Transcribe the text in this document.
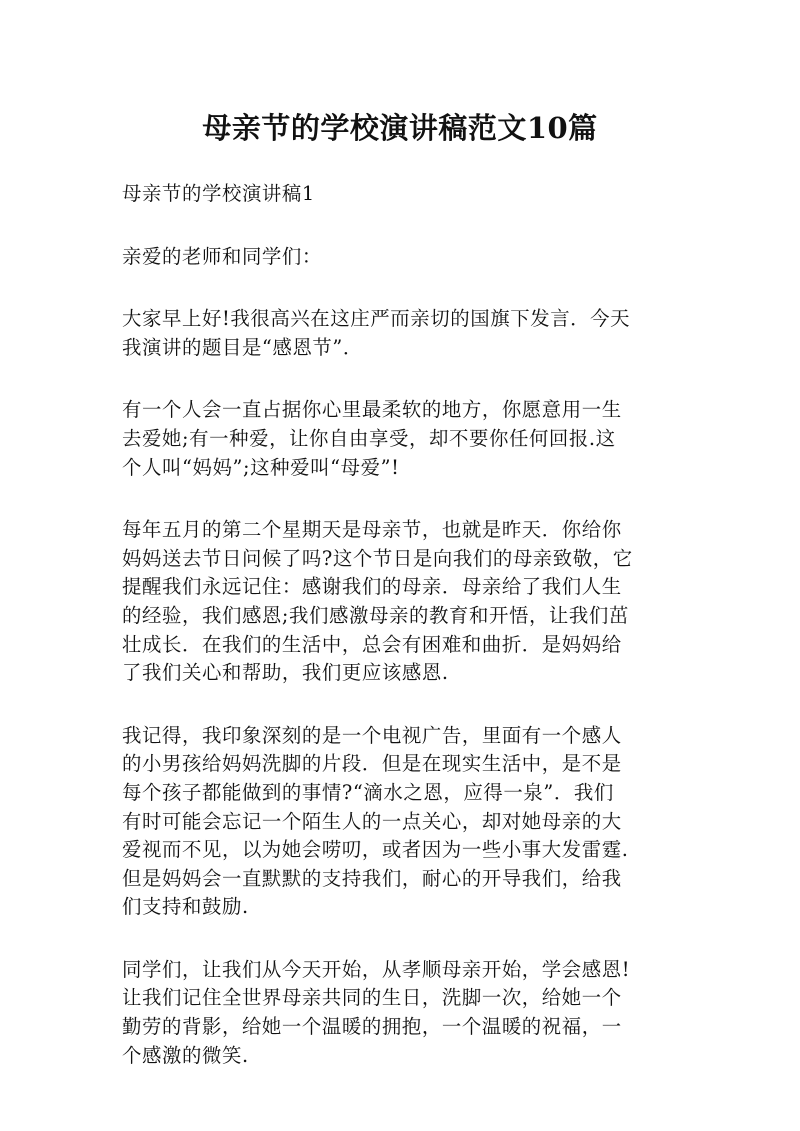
母亲节的学校演讲稿范文10篇

母亲节的学校演讲稿1

亲爱的老师和同学们：

大家早上好!我很高兴在这庄严而亲切的国旗下发言．今天
我演讲的题目是“感恩节”．

有一个人会一直占据你心里最柔软的地方，你愿意用一生
去爱她;有一种爱，让你自由享受，却不要你任何回报.这
个人叫“妈妈”;这种爱叫“母爱”!

每年五月的第二个星期天是母亲节，也就是昨天．你给你
妈妈送去节日问候了吗?这个节日是向我们的母亲致敬，它
提醒我们永远记住：感谢我们的母亲．母亲给了我们人生
的经验，我们感恩;我们感激母亲的教育和开悟，让我们茁
壮成长．在我们的生活中，总会有困难和曲折．是妈妈给
了我们关心和帮助，我们更应该感恩.

我记得，我印象深刻的是一个电视广告，里面有一个感人
的小男孩给妈妈洗脚的片段．但是在现实生活中，是不是
每个孩子都能做到的事情?“滴水之恩，应得一泉”．我们
有时可能会忘记一个陌生人的一点关心，却对她母亲的大
爱视而不见，以为她会唠叨，或者因为一些小事大发雷霆.
但是妈妈会一直默默的支持我们，耐心的开导我们，给我
们支持和鼓励.

同学们，让我们从今天开始，从孝顺母亲开始，学会感恩!
让我们记住全世界母亲共同的生日，洗脚一次，给她一个
勤劳的背影，给她一个温暖的拥抱，一个温暖的祝福，一
个感激的微笑.
